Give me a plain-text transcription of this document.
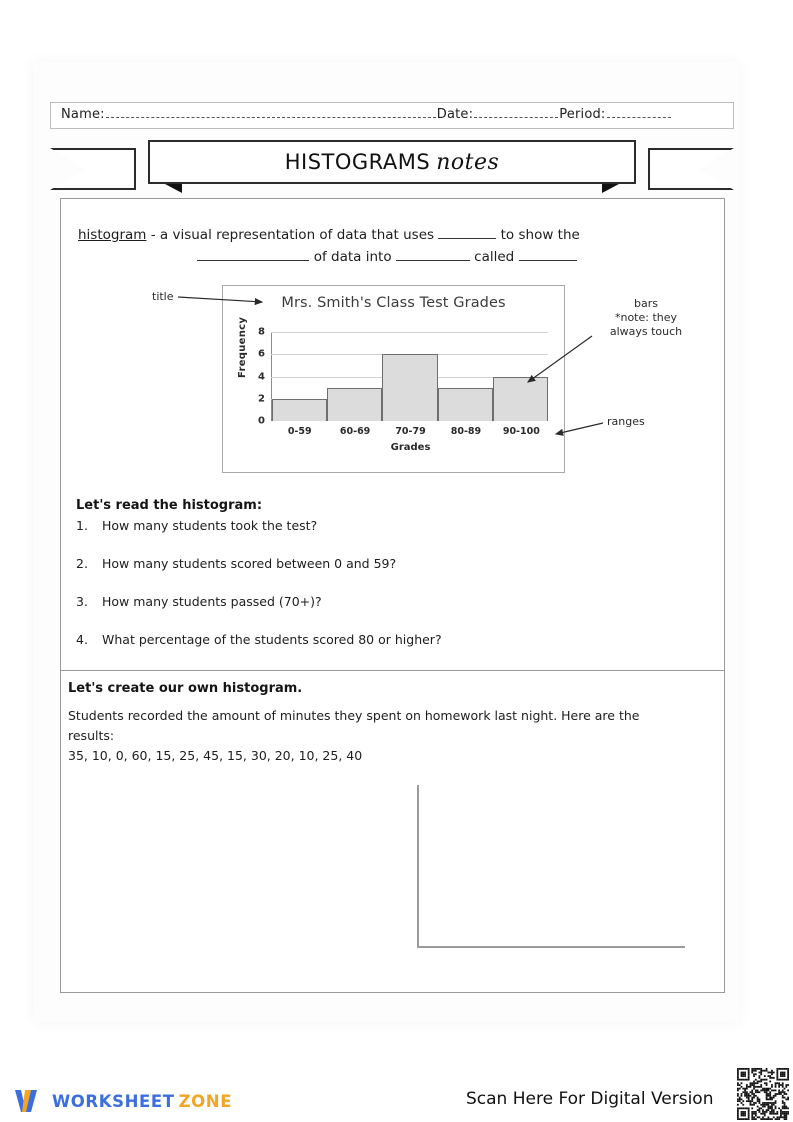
Name:	Date:	Period:
HISTOGRAMS notes
histogram - a visual representation of data that uses	to show the
of data into	called
Mrs. Smith's Class Test Grades
0
2
4
6
8
Frequency
0-59	60-69	70-79	80-89	90-100
Grades
title
bars
*note: they
always touch
ranges
Let's read the histogram:
1.	How many students took the test?
2.	How many students scored between 0 and 59?
3.	How many students passed (70+)?
4.	What percentage of the students scored 80 or higher?
Let's create our own histogram.
Students recorded the amount of minutes they spent on homework last night. Here are the results:
35, 10, 0, 60, 15, 25, 45, 15, 30, 20, 10, 25, 40
WORKSHEET ZONE	Scan Here For Digital Version
